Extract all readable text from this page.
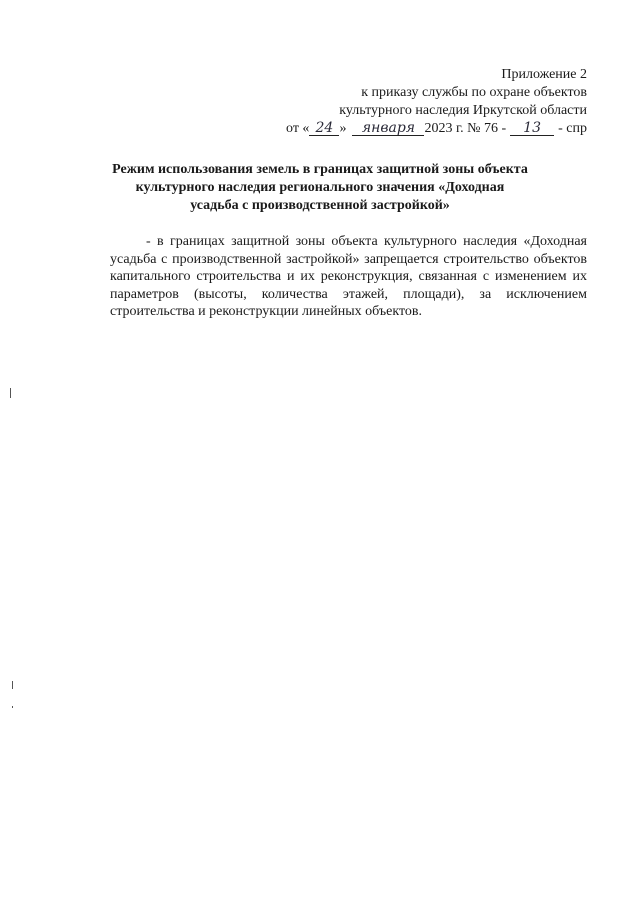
Приложение 2
к приказу службы по охране объектов
культурного наследия Иркутской области
от « 24 »	января 2023 г. № 76 -	13	- спр
Режим использования земель в границах защитной зоны объекта культурного наследия регионального значения «Доходная усадьба с производственной застройкой»

- в границах защитной зоны объекта культурного наследия «Доходная усадьба с производственной застройкой» запрещается строительство объектов капитального строительства и их реконструкция, связанная с изменением их параметров (высоты, количества этажей, площади), за исключением строительства и реконструкции линейных объектов.
